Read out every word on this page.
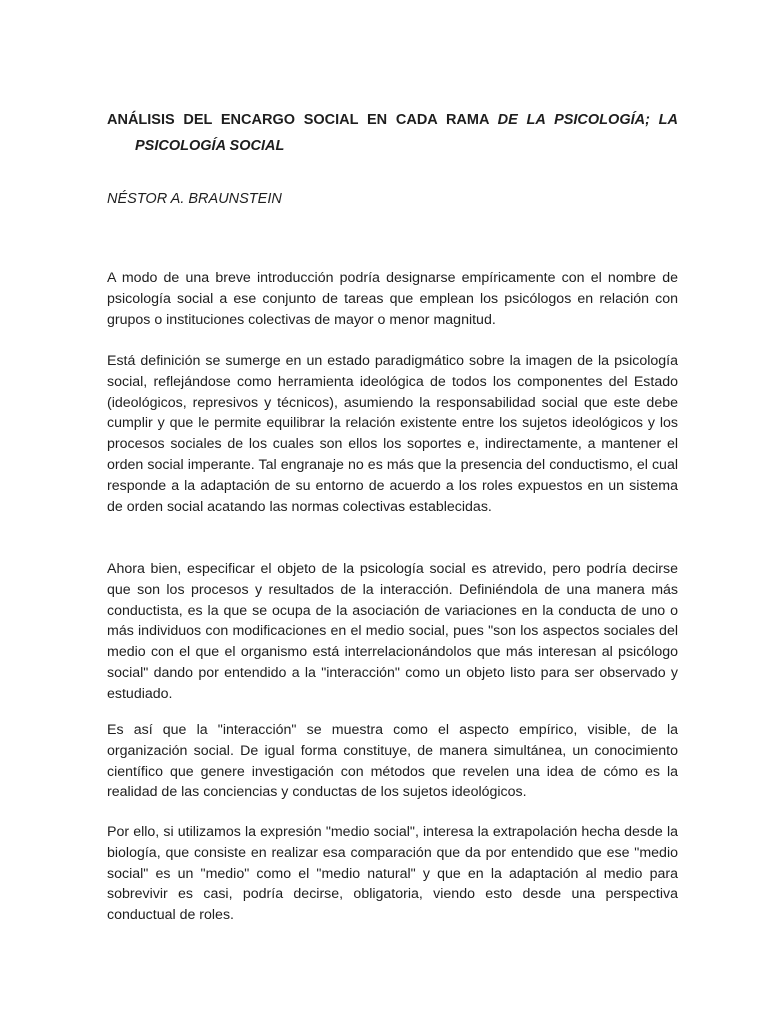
ANÁLISIS DEL ENCARGO SOCIAL EN CADA RAMA DE LA PSICOLOGÍA; LA

PSICOLOGÍA SOCIAL

NÉSTOR A. BRAUNSTEIN

A modo de una breve introducción podría designarse empíricamente con el nombre de psicología social a ese conjunto de tareas que emplean los psicólogos en relación con grupos o instituciones colectivas de mayor o menor magnitud.

Está definición se sumerge en un estado paradigmático sobre la imagen de la psicología social, reflejándose como herramienta ideológica de todos los componentes del Estado (ideológicos, represivos y técnicos), asumiendo la responsabilidad social que este debe cumplir y que le permite equilibrar la relación existente entre los sujetos ideológicos y los procesos sociales de los cuales son ellos los soportes e, indirectamente, a mantener el orden social imperante. Tal engranaje no es más que la presencia del conductismo, el cual responde a la adaptación de su entorno de acuerdo a los roles expuestos en un sistema de orden social acatando las normas colectivas establecidas.

Ahora bien, especificar el objeto de la psicología social es atrevido, pero podría decirse que son los procesos y resultados de la interacción. Definiéndola de una manera más conductista, es la que se ocupa de la asociación de variaciones en la conducta de uno o más individuos con modificaciones en el medio social, pues "son los aspectos sociales del medio con el que el organismo está interrelacionándolos que más interesan al psicólogo social" dando por entendido a la "interacción" como un objeto listo para ser observado y estudiado.

Es así que la "interacción" se muestra como el aspecto empírico, visible, de la organización social. De igual forma constituye, de manera simultánea, un conocimiento científico que genere investigación con métodos que revelen una idea de cómo es la realidad de las conciencias y conductas de los sujetos ideológicos.

Por ello, si utilizamos la expresión "medio social", interesa la extrapolación hecha desde la biología, que consiste en realizar esa comparación que da por entendido que ese "medio social" es un "medio" como el "medio natural" y que en la adaptación al medio para sobrevivir es casi, podría decirse, obligatoria, viendo esto desde una perspectiva conductual de roles.
